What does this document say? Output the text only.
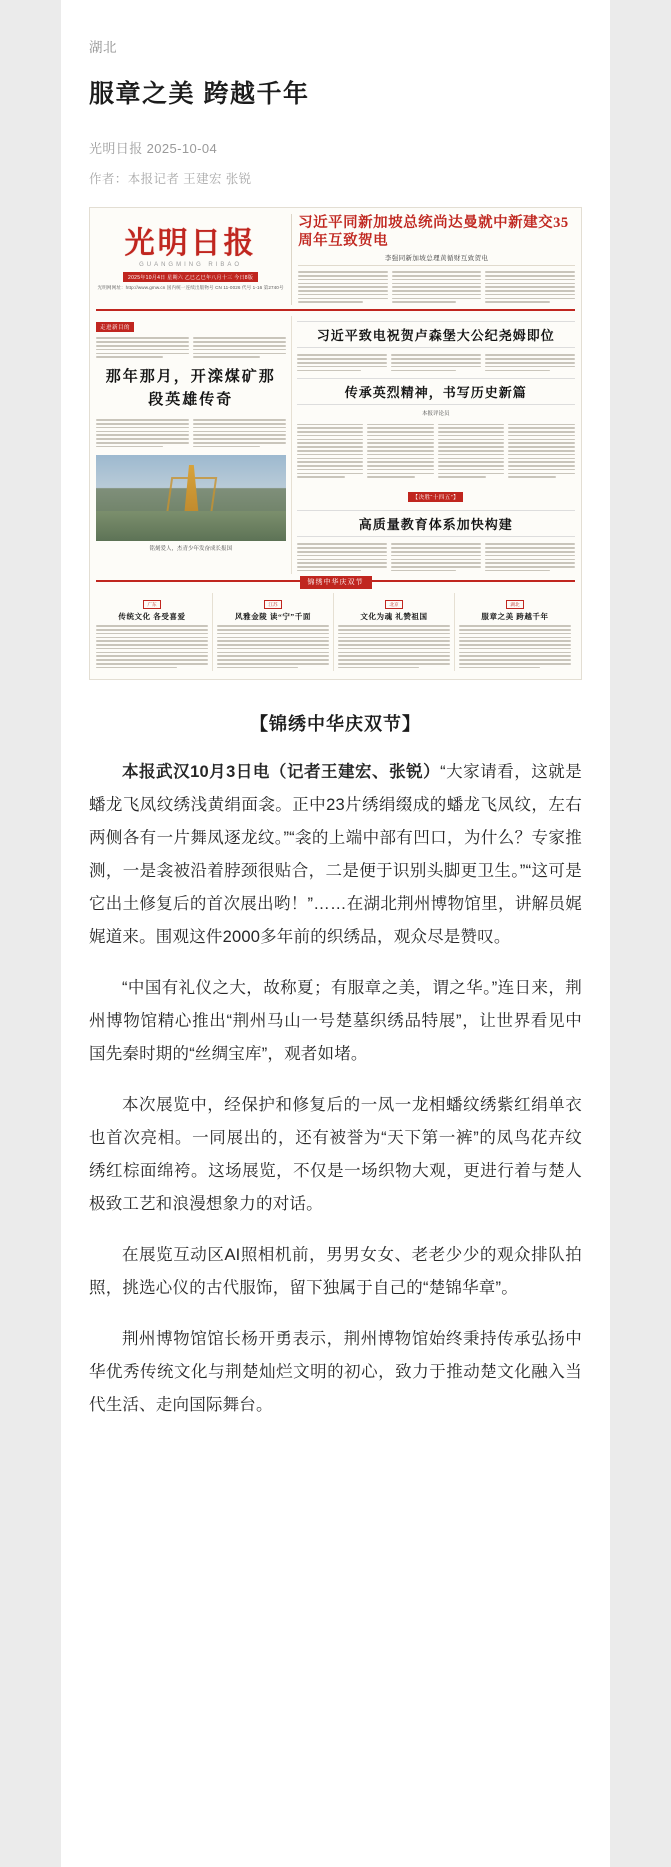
湖北
服章之美 跨越千年
光明日报 2025-10-04
作者：本报记者 王建宏 张锐
光明日报
GUANGMING RIBAO
2025年10月4日 星期六 乙巳乙巳年八月十三 今日8版
光明网网址：http://www.gmw.cn 国内统一连续出版物号 CN 11-0026 代号 1-16 第2740号
习近平同新加坡总统尚达曼就中新建交35周年互致贺电
李强同新加坡总理黄循财互致贺电
走进新目的
那年那月，开滦煤矿那段英雄传奇
铭刻爱人，杰青少年发奋成长报国
习近平致电祝贺卢森堡大公纪尧姆即位
传承英烈精神，书写历史新篇
本报评论员
【决胜“十四五”】
高质量教育体系加快构建
锦绣中华庆双节
广东
传统文化 各受喜爱
江苏
风雅金陵 读“宁”千面
北京
文化为魂 礼赞祖国
湖北
服章之美 跨越千年
【锦绣中华庆双节】

本报武汉10月3日电（记者王建宏、张锐）“大家请看，这就是蟠龙飞凤纹绣浅黄绢面衾。正中23片绣绢缀成的蟠龙飞凤纹，左右两侧各有一片舞凤逐龙纹。”“衾的上端中部有凹口，为什么？专家推测，一是衾被沿着脖颈很贴合，二是便于识别头脚更卫生。”“这可是它出土修复后的首次展出哟！”……在湖北荆州博物馆里，讲解员娓娓道来。围观这件2000多年前的织绣品，观众尽是赞叹。

“中国有礼仪之大，故称夏；有服章之美，谓之华。”连日来，荆州博物馆精心推出“荆州马山一号楚墓织绣品特展”，让世界看见中国先秦时期的“丝绸宝库”，观者如堵。

本次展览中，经保护和修复后的一凤一龙相蟠纹绣紫红绢单衣也首次亮相。一同展出的，还有被誉为“天下第一裤”的凤鸟花卉纹绣红棕面绵袴。这场展览，不仅是一场织物大观，更进行着与楚人极致工艺和浪漫想象力的对话。

在展览互动区AI照相机前，男男女女、老老少少的观众排队拍照，挑选心仪的古代服饰，留下独属于自己的“楚锦华章”。

荆州博物馆馆长杨开勇表示，荆州博物馆始终秉持传承弘扬中华优秀传统文化与荆楚灿烂文明的初心，致力于推动楚文化融入当代生活、走向国际舞台。
